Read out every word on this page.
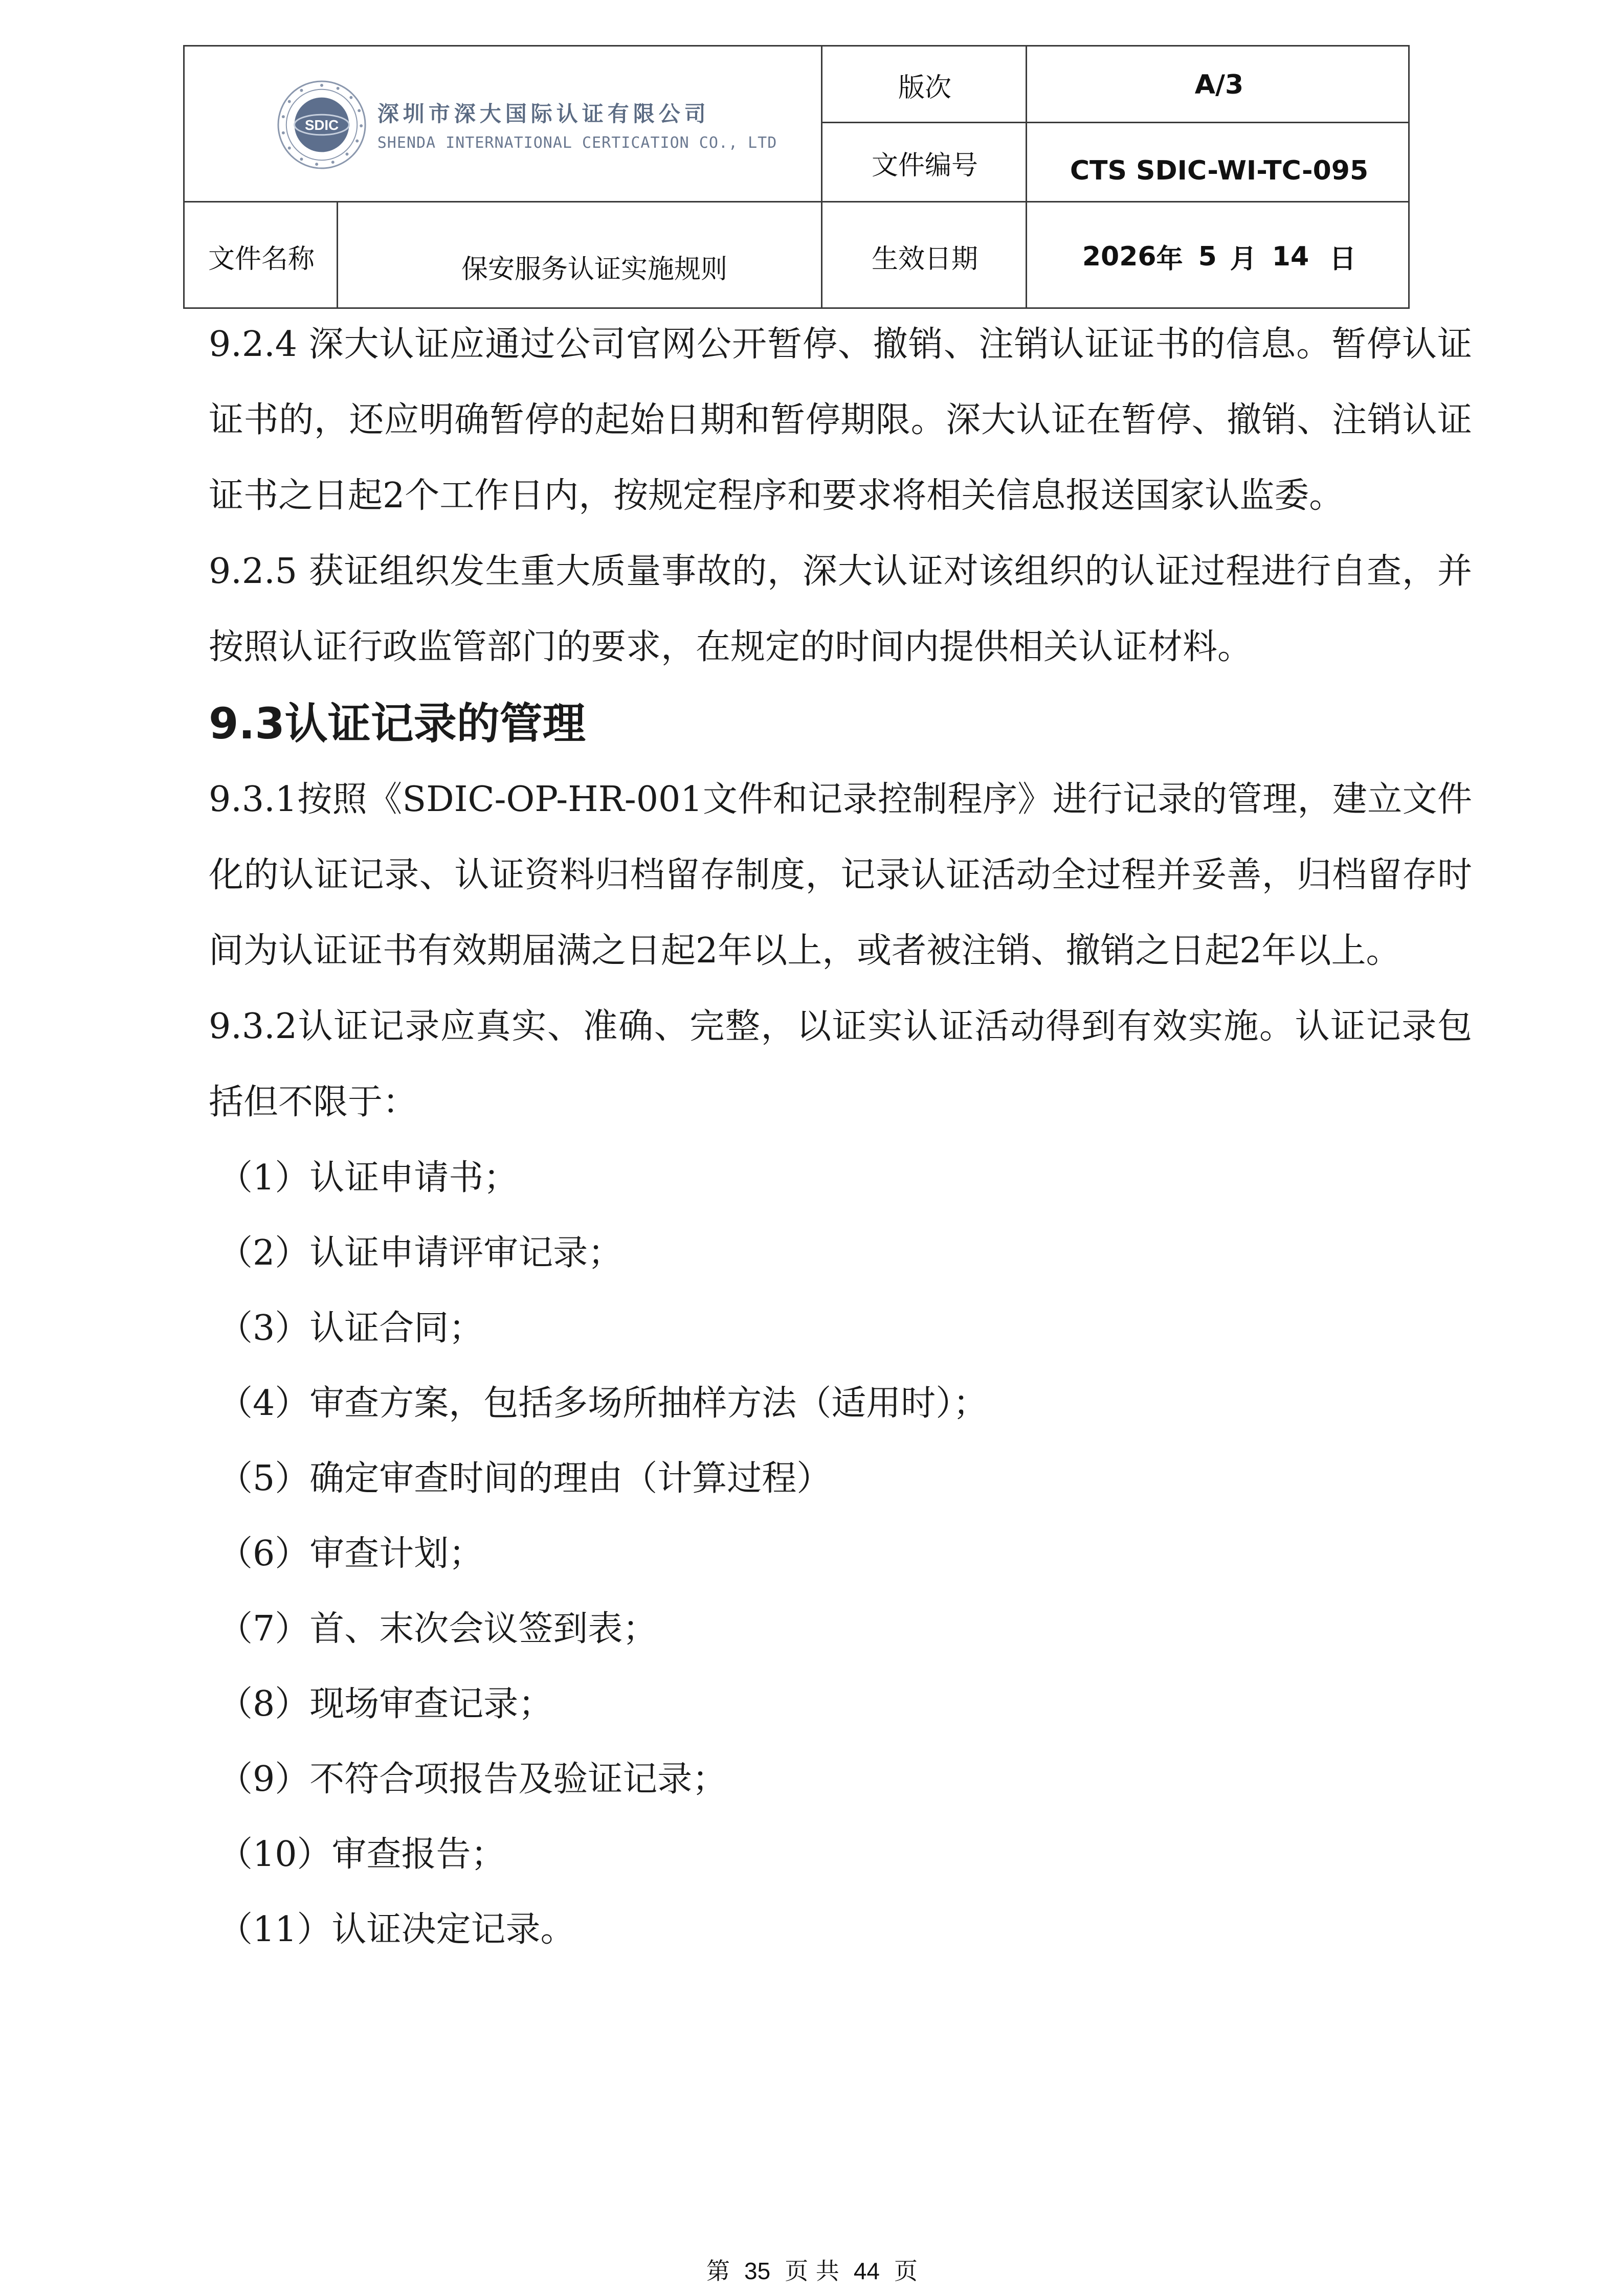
SDIC 深圳市深大国际认证有限公司
SHENDA INTERNATIONAL CERTICATION CO., LTD
版次	A/3
文件编号	CTS SDIC-WI-TC-095
文件名称	保安服务认证实施规则	生效日期	2026 年 5 月 14 日

9.2.4 深大认证应通过公司官网公开暂停、撤销、注销认证证书的信息。暂停认证证书的，还应明确暂停的起始日期和暂停期限。深大认证在暂停、撤销、注销认证证书之日起2个工作日内，按规定程序和要求将相关信息报送国家认监委。

9.2.5 获证组织发生重大质量事故的，深大认证对该组织的认证过程进行自查，并按照认证行政监管部门的要求，在规定的时间内提供相关认证材料。

9.3认证记录的管理

9.3.1按照《SDIC-OP-HR-001文件和记录控制程序》进行记录的管理，建立文件化的认证记录、认证资料归档留存制度，记录认证活动全过程并妥善，归档留存时间为认证证书有效期届满之日起2年以上，或者被注销、撤销之日起2年以上。

9.3.2认证记录应真实、准确、完整，以证实认证活动得到有效实施。认证记录包括但不限于：

（1）认证申请书；

（2）认证申请评审记录；

（3）认证合同；

（4）审查方案，包括多场所抽样方法（适用时）；

（5）确定审查时间的理由（计算过程）

（6）审查计划；

（7）首、末次会议签到表；

（8）现场审查记录；

（9）不符合项报告及验证记录；

（10）审查报告；

（11）认证决定记录。

第 35 页 共 44 页
